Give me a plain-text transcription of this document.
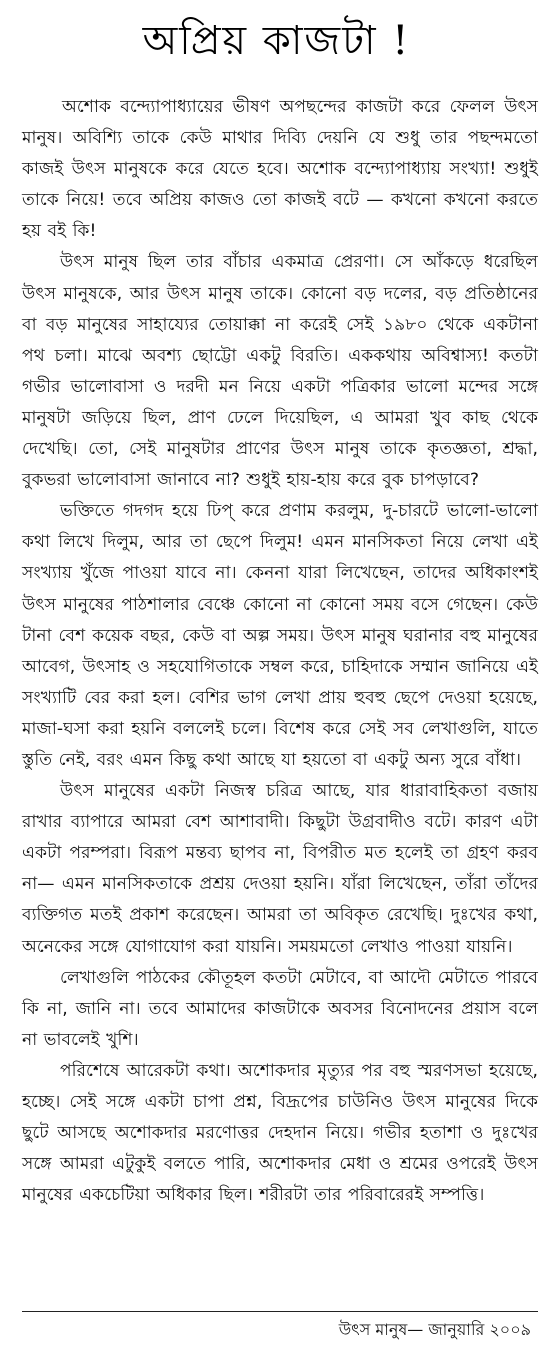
অপ্রিয় কাজটা !

অশোক বন্দ্যোপাধ্যায়ের ভীষণ অপছন্দের কাজটা করে ফেলল উৎস মানুষ। অবিশ্যি তাকে কেউ মাথার দিব্যি দেয়নি যে শুধু তার পছন্দমতো কাজই উৎস মানুষকে করে যেতে হবে। অশোক বন্দ্যোপাধ্যায় সংখ্যা! শুধুই তাকে নিয়ে! তবে অপ্রিয় কাজও তো কাজই বটে — কখনো কখনো করতে হয় বই কি!

উৎস মানুষ ছিল তার বাঁচার একমাত্র প্রেরণা। সে আঁকড়ে ধরেছিল উৎস মানুষকে, আর উৎস মানুষ তাকে। কোনো বড় দলের, বড় প্রতিষ্ঠানের বা বড় মানুষের সাহায্যের তোয়াক্কা না করেই সেই ১৯৮০ থেকে একটানা পথ চলা। মাঝে অবশ্য ছোট্টো একটু বিরতি। এককথায় অবিশ্বাস্য! কতটা গভীর ভালোবাসা ও দরদী মন নিয়ে একটা পত্রিকার ভালো মন্দের সঙ্গে মানুষটা জড়িয়ে ছিল, প্রাণ ঢেলে দিয়েছিল, এ আমরা খুব কাছ থেকে দেখেছি। তো, সেই মানুষটার প্রাণের উৎস মানুষ তাকে কৃতজ্ঞতা, শ্রদ্ধা, বুকভরা ভালোবাসা জানাবে না? শুধুই হায়-হায় করে বুক চাপড়াবে?

ভক্তিতে গদগদ হয়ে ঢিপ্ করে প্রণাম করলুম, দু-চারটে ভালো-ভালো কথা লিখে দিলুম, আর তা ছেপে দিলুম! এমন মানসিকতা নিয়ে লেখা এই সংখ্যায় খুঁজে পাওয়া যাবে না। কেননা যারা লিখেছেন, তাদের অধিকাংশই উৎস মানুষের পাঠশালার বেঞ্চে কোনো না কোনো সময় বসে গেছেন। কেউ টানা বেশ কয়েক বছর, কেউ বা অল্প সময়। উৎস মানুষ ঘরানার বহু মানুষের আবেগ, উৎসাহ ও সহযোগিতাকে সম্বল করে, চাহিদাকে সম্মান জানিয়ে এই সংখ্যাটি বের করা হল। বেশির ভাগ লেখা প্রায় হুবহু ছেপে দেওয়া হয়েছে, মাজা-ঘসা করা হয়নি বললেই চলে। বিশেষ করে সেই সব লেখাগুলি, যাতে স্তুতি নেই, বরং এমন কিছু কথা আছে যা হয়তো বা একটু অন্য সুরে বাঁধা।

উৎস মানুষের একটা নিজস্ব চরিত্র আছে, যার ধারাবাহিকতা বজায় রাখার ব্যাপারে আমরা বেশ আশাবাদী। কিছুটা উগ্রবাদীও বটে। কারণ এটা একটা পরম্পরা। বিরূপ মন্তব্য ছাপব না, বিপরীত মত হলেই তা গ্রহণ করব না— এমন মানসিকতাকে প্রশ্রয় দেওয়া হয়নি। যাঁরা লিখেছেন, তাঁরা তাঁদের ব্যক্তিগত মতই প্রকাশ করেছেন। আমরা তা অবিকৃত রেখেছি। দুঃখের কথা, অনেকের সঙ্গে যোগাযোগ করা যায়নি। সময়মতো লেখাও পাওয়া যায়নি।

লেখাগুলি পাঠকের কৌতূহল কতটা মেটাবে, বা আদৌ মেটাতে পারবে কি না, জানি না। তবে আমাদের কাজটাকে অবসর বিনোদনের প্রয়াস বলে না ভাবলেই খুশি।

পরিশেষে আরেকটা কথা। অশোকদার মৃত্যুর পর বহু স্মরণসভা হয়েছে, হচ্ছে। সেই সঙ্গে একটা চাপা প্রশ্ন, বিদ্রূপের চাউনিও উৎস মানুষের দিকে ছুটে আসছে অশোকদার মরণোত্তর দেহদান নিয়ে। গভীর হতাশা ও দুঃখের সঙ্গে আমরা এটুকুই বলতে পারি, অশোকদার মেধা ও শ্রমের ওপরেই উৎস মানুষের একচেটিয়া অধিকার ছিল। শরীরটা তার পরিবারেরই সম্পত্তি।

উৎস মানুষ— জানুয়ারি ২০০৯
